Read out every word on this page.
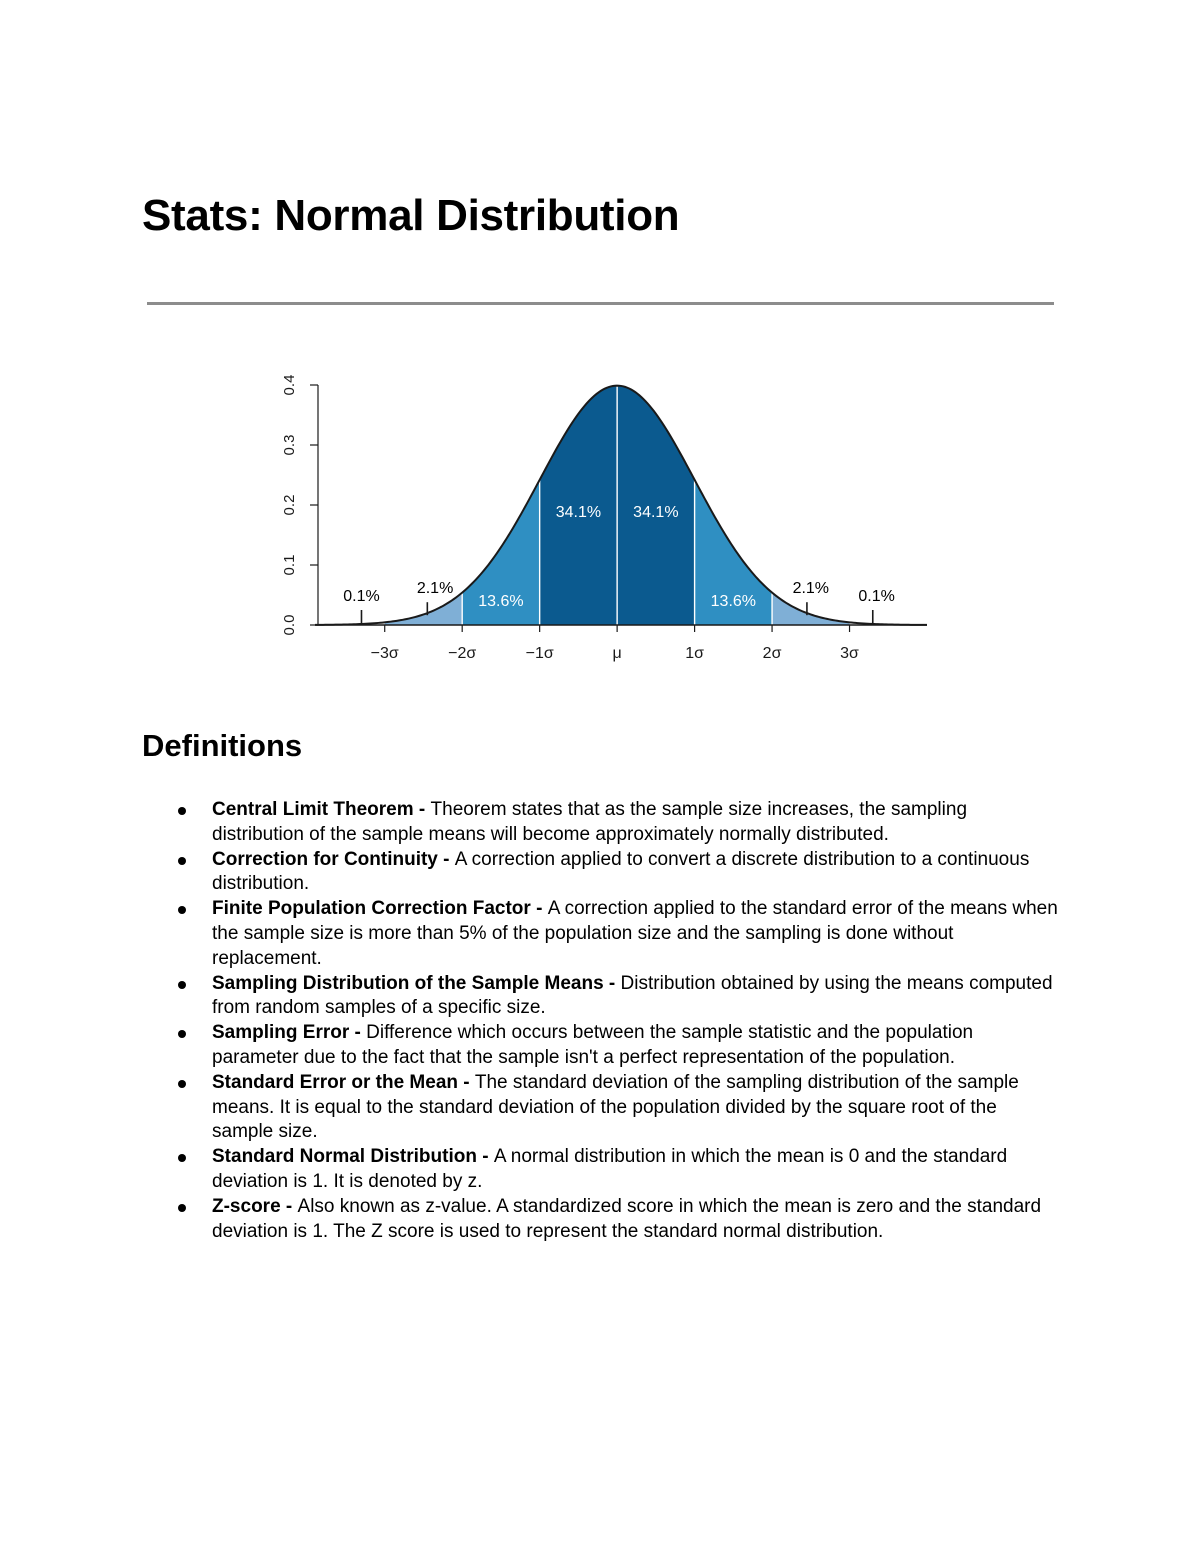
Stats: Normal Distribution
0.0
0.1
0.2
0.3
0.4
−3σ	−2σ	−1σ	μ	1σ	2σ	3σ
0.1% 2.1%
13.6%
34.1% 34.1%
13.6%
2.1% 0.1%
Definitions
Central Limit Theorem - Theorem states that as the sample size increases, the sampling distribution of the sample means will become approximately normally distributed.
Correction for Continuity - A correction applied to convert a discrete distribution to a continuous distribution.
Finite Population Correction Factor - A correction applied to the standard error of the means when the sample size is more than 5% of the population size and the sampling is done without replacement.
Sampling Distribution of the Sample Means - Distribution obtained by using the means computed from random samples of a specific size.
Sampling Error - Difference which occurs between the sample statistic and the population parameter due to the fact that the sample isn't a perfect representation of the population.
Standard Error or the Mean - The standard deviation of the sampling distribution of the sample means. It is equal to the standard deviation of the population divided by the square root of the sample size.
Standard Normal Distribution - A normal distribution in which the mean is 0 and the standard deviation is 1. It is denoted by z.
Z-score - Also known as z-value. A standardized score in which the mean is zero and the standard deviation is 1. The Z score is used to represent the standard normal distribution.
